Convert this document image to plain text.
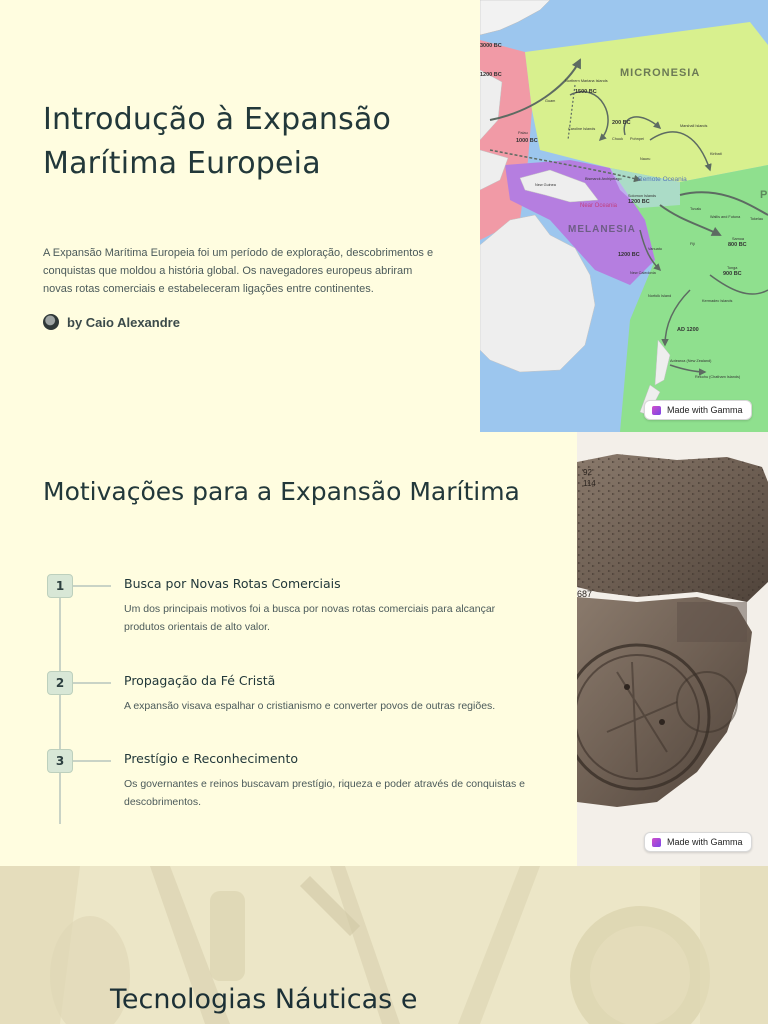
Introdução à Expansão Marítima Europeia

A Expansão Marítima Europeia foi um período de exploração, descobrimentos e conquistas que moldou a história global. Os navegadores europeus abriram novas rotas comerciais e estabeleceram ligações entre continentes.

by Caio Alexandre
MICRONESIA
MELANESIA
Remote Oceania
Near Oceania
P
3000 BC
1200 BC
1500 BC
1000 BC
200 BC
1200 BC
1200 BC
800 BC
900 BC
AD 1200
Northern Mariana Islands
Guam
Palau
Caroline Islands
Marshall Islands
Pohnpei
Chuuk
Nauru
Kiribati
Tuvalu
Tokelau
Samoa
Tonga
Fiji
Wallis and Futuna
Vanuatu
New Caledonia
Solomon Islands
Bismarck Archipelago
New Guinea
Norfolk Island
Kermadec Islands
Aotearoa (New Zealand)
Rekohu (Chatham Islands)
Made with Gamma
Motivações para a Expansão Marítima
1	Busca por Novas Rotas Comerciais

Um dos principais motivos foi a busca por novas rotas comerciais para alcançar produtos orientais de alto valor.

2	Propagação da Fé Cristã

A expansão visava espalhar o cristianismo e converter povos de outras regiões.

3	Prestígio e Reconhecimento

Os governantes e reinos buscavam prestígio, riqueza e poder através de conquistas e descobrimentos.

92
114
687
Made with Gamma
Tecnologias Náuticas e
